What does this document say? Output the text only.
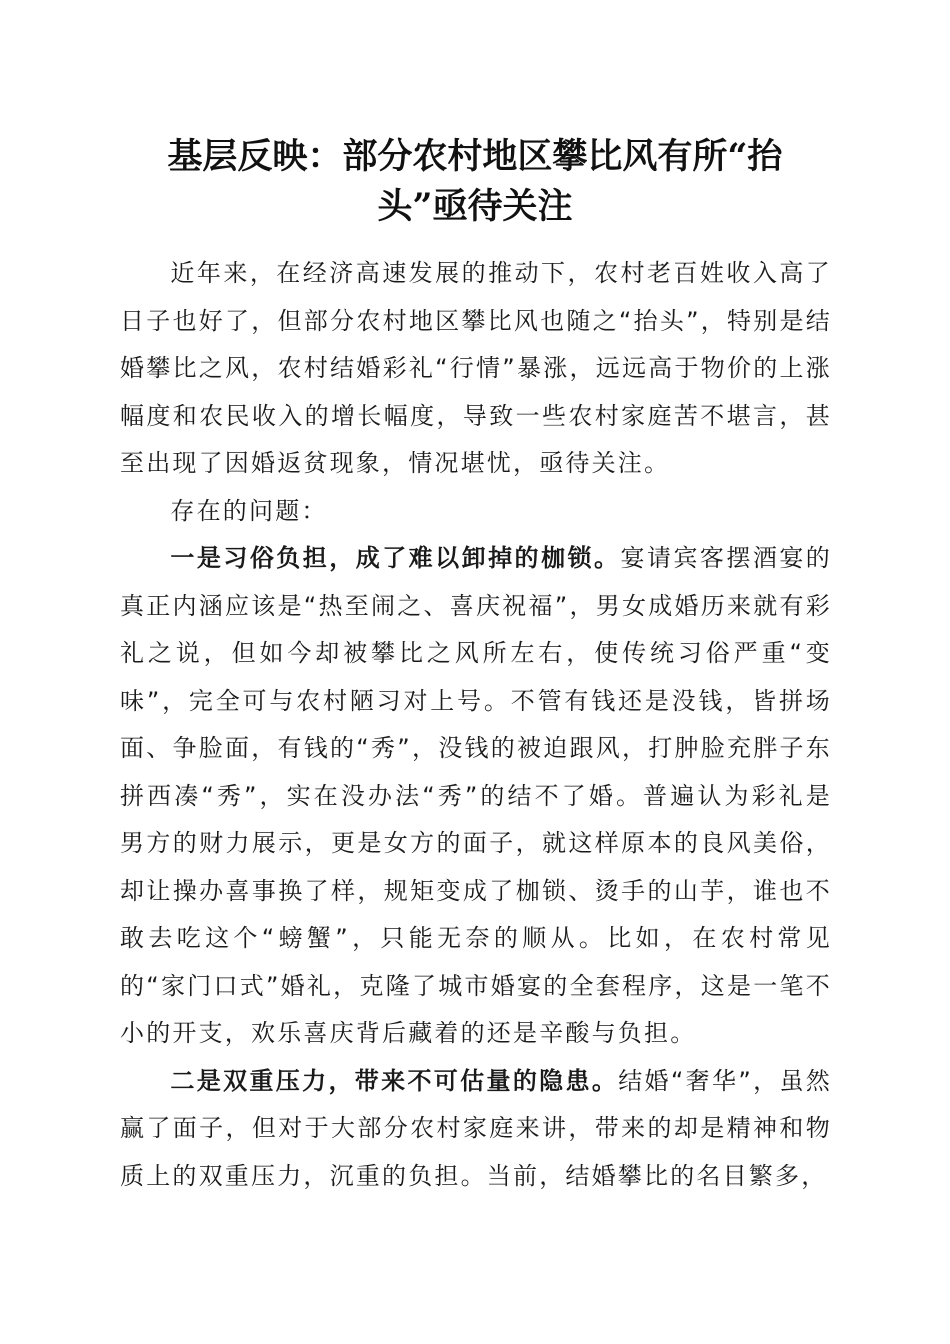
基层反映：部分农村地区攀比风有所“抬
头”亟待关注

近年来，在经济高速发展的推动下，农村老百姓收入高了日子也好了，但部分农村地区攀比风也随之“抬头”，特别是结婚攀比之风，农村结婚彩礼“行情”暴涨，远远高于物价的上涨幅度和农民收入的增长幅度，导致一些农村家庭苦不堪言，甚至出现了因婚返贫现象，情况堪忧，亟待关注。

存在的问题：

一是习俗负担，成了难以卸掉的枷锁。宴请宾客摆酒宴的真正内涵应该是“热至闹之、喜庆祝福”，男女成婚历来就有彩礼之说，但如今却被攀比之风所左右，使传统习俗严重“变味”，完全可与农村陋习对上号。不管有钱还是没钱，皆拼场面、争脸面，有钱的“秀”，没钱的被迫跟风，打肿脸充胖子东拼西凑“秀”，实在没办法“秀”的结不了婚。普遍认为彩礼是男方的财力展示，更是女方的面子，就这样原本的良风美俗，却让操办喜事换了样，规矩变成了枷锁、烫手的山芋，谁也不敢去吃这个“螃蟹”，只能无奈的顺从。比如，在农村常见的“家门口式”婚礼，克隆了城市婚宴的全套程序，这是一笔不小的开支，欢乐喜庆背后藏着的还是辛酸与负担。

二是双重压力，带来不可估量的隐患。结婚“奢华”，虽然赢了面子，但对于大部分农村家庭来讲，带来的却是精神和物质上的双重压力，沉重的负担。当前，结婚攀比的名目繁多，
